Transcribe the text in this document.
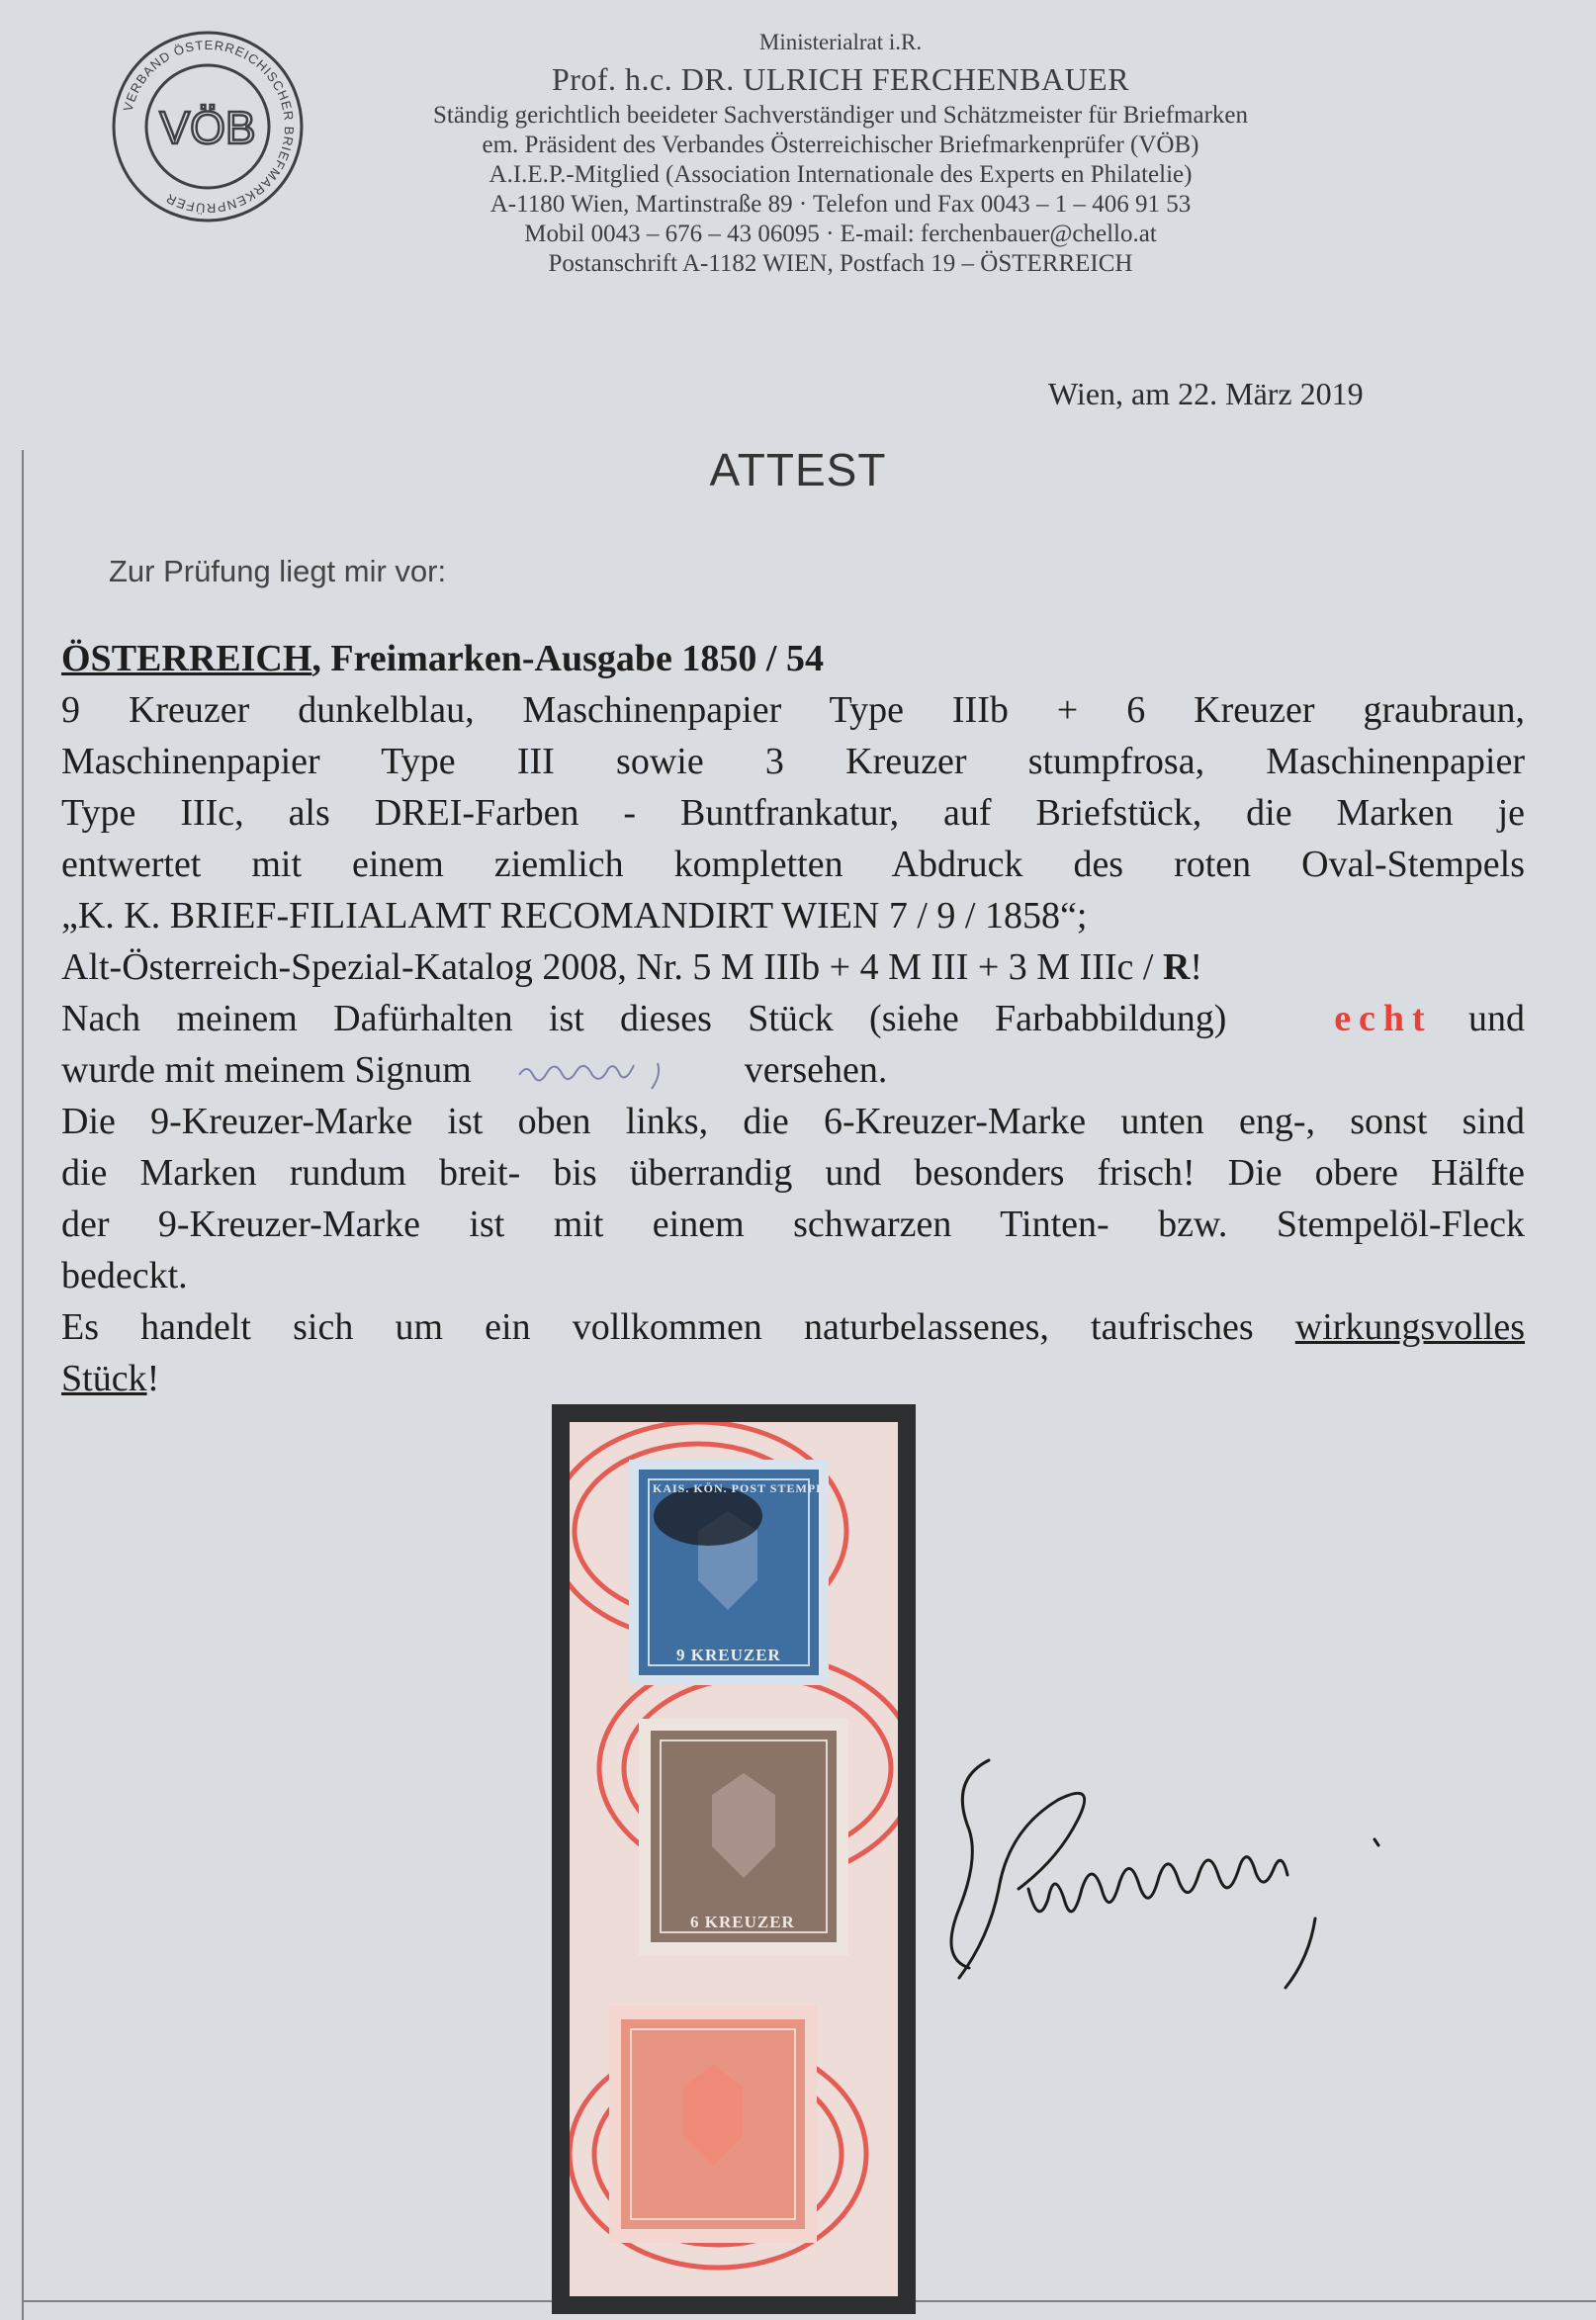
VERBAND ÖSTERREICHISCHER BRIEFMARKENPRÜFER
VÖB
Ministerialrat i.R.
Prof. h.c. DR. ULRICH FERCHENBAUER
Ständig gerichtlich beeideter Sachverständiger und Schätzmeister für Briefmarken
em. Präsident des Verbandes Österreichischer Briefmarkenprüfer (VÖB)
A.I.E.P.-Mitglied (Association Internationale des Experts en Philatelie)
A-1180 Wien, Martinstraße 89 · Telefon und Fax 0043 – 1 – 406 91 53
Mobil 0043 – 676 – 43 06095 · E-mail: ferchenbauer@chello.at
Postanschrift A-1182 WIEN, Postfach 19 – ÖSTERREICH
Wien, am 22. März 2019
ATTEST
Zur Prüfung liegt mir vor:

ÖSTERREICH, Freimarken-Ausgabe 1850 / 54

9 Kreuzer dunkelblau, Maschinenpapier Type IIIb + 6 Kreuzer graubraun,

Maschinenpapier Type III sowie 3 Kreuzer stumpfrosa, Maschinenpapier

Type IIIc, als DREI-Farben - Buntfrankatur, auf Briefstück, die Marken je

entwertet mit einem ziemlich kompletten Abdruck des roten Oval-Stempels

„K. K. BRIEF-FILIALAMT RECOMANDIRT WIEN 7 / 9 / 1858“;

Alt-Österreich-Spezial-Katalog 2008, Nr. 5 M IIIb + 4 M III + 3 M IIIc / R!

Nach meinem Dafürhalten ist dieses Stück (siehe Farbabbildung)	echt und

wurde mit meinem Signum	versehen.

Die 9-Kreuzer-Marke ist oben links, die 6-Kreuzer-Marke unten eng-, sonst sind

die Marken rundum breit- bis überrandig und besonders frisch! Die obere Hälfte

der 9-Kreuzer-Marke ist mit einem schwarzen Tinten- bzw. Stempelöl-Fleck

bedeckt.

Es handelt sich um ein vollkommen naturbelassenes, taufrisches wirkungsvolles

Stück!

KAIS. KÖN. POST STEMPEL
9 KREUZER
6 KREUZER
